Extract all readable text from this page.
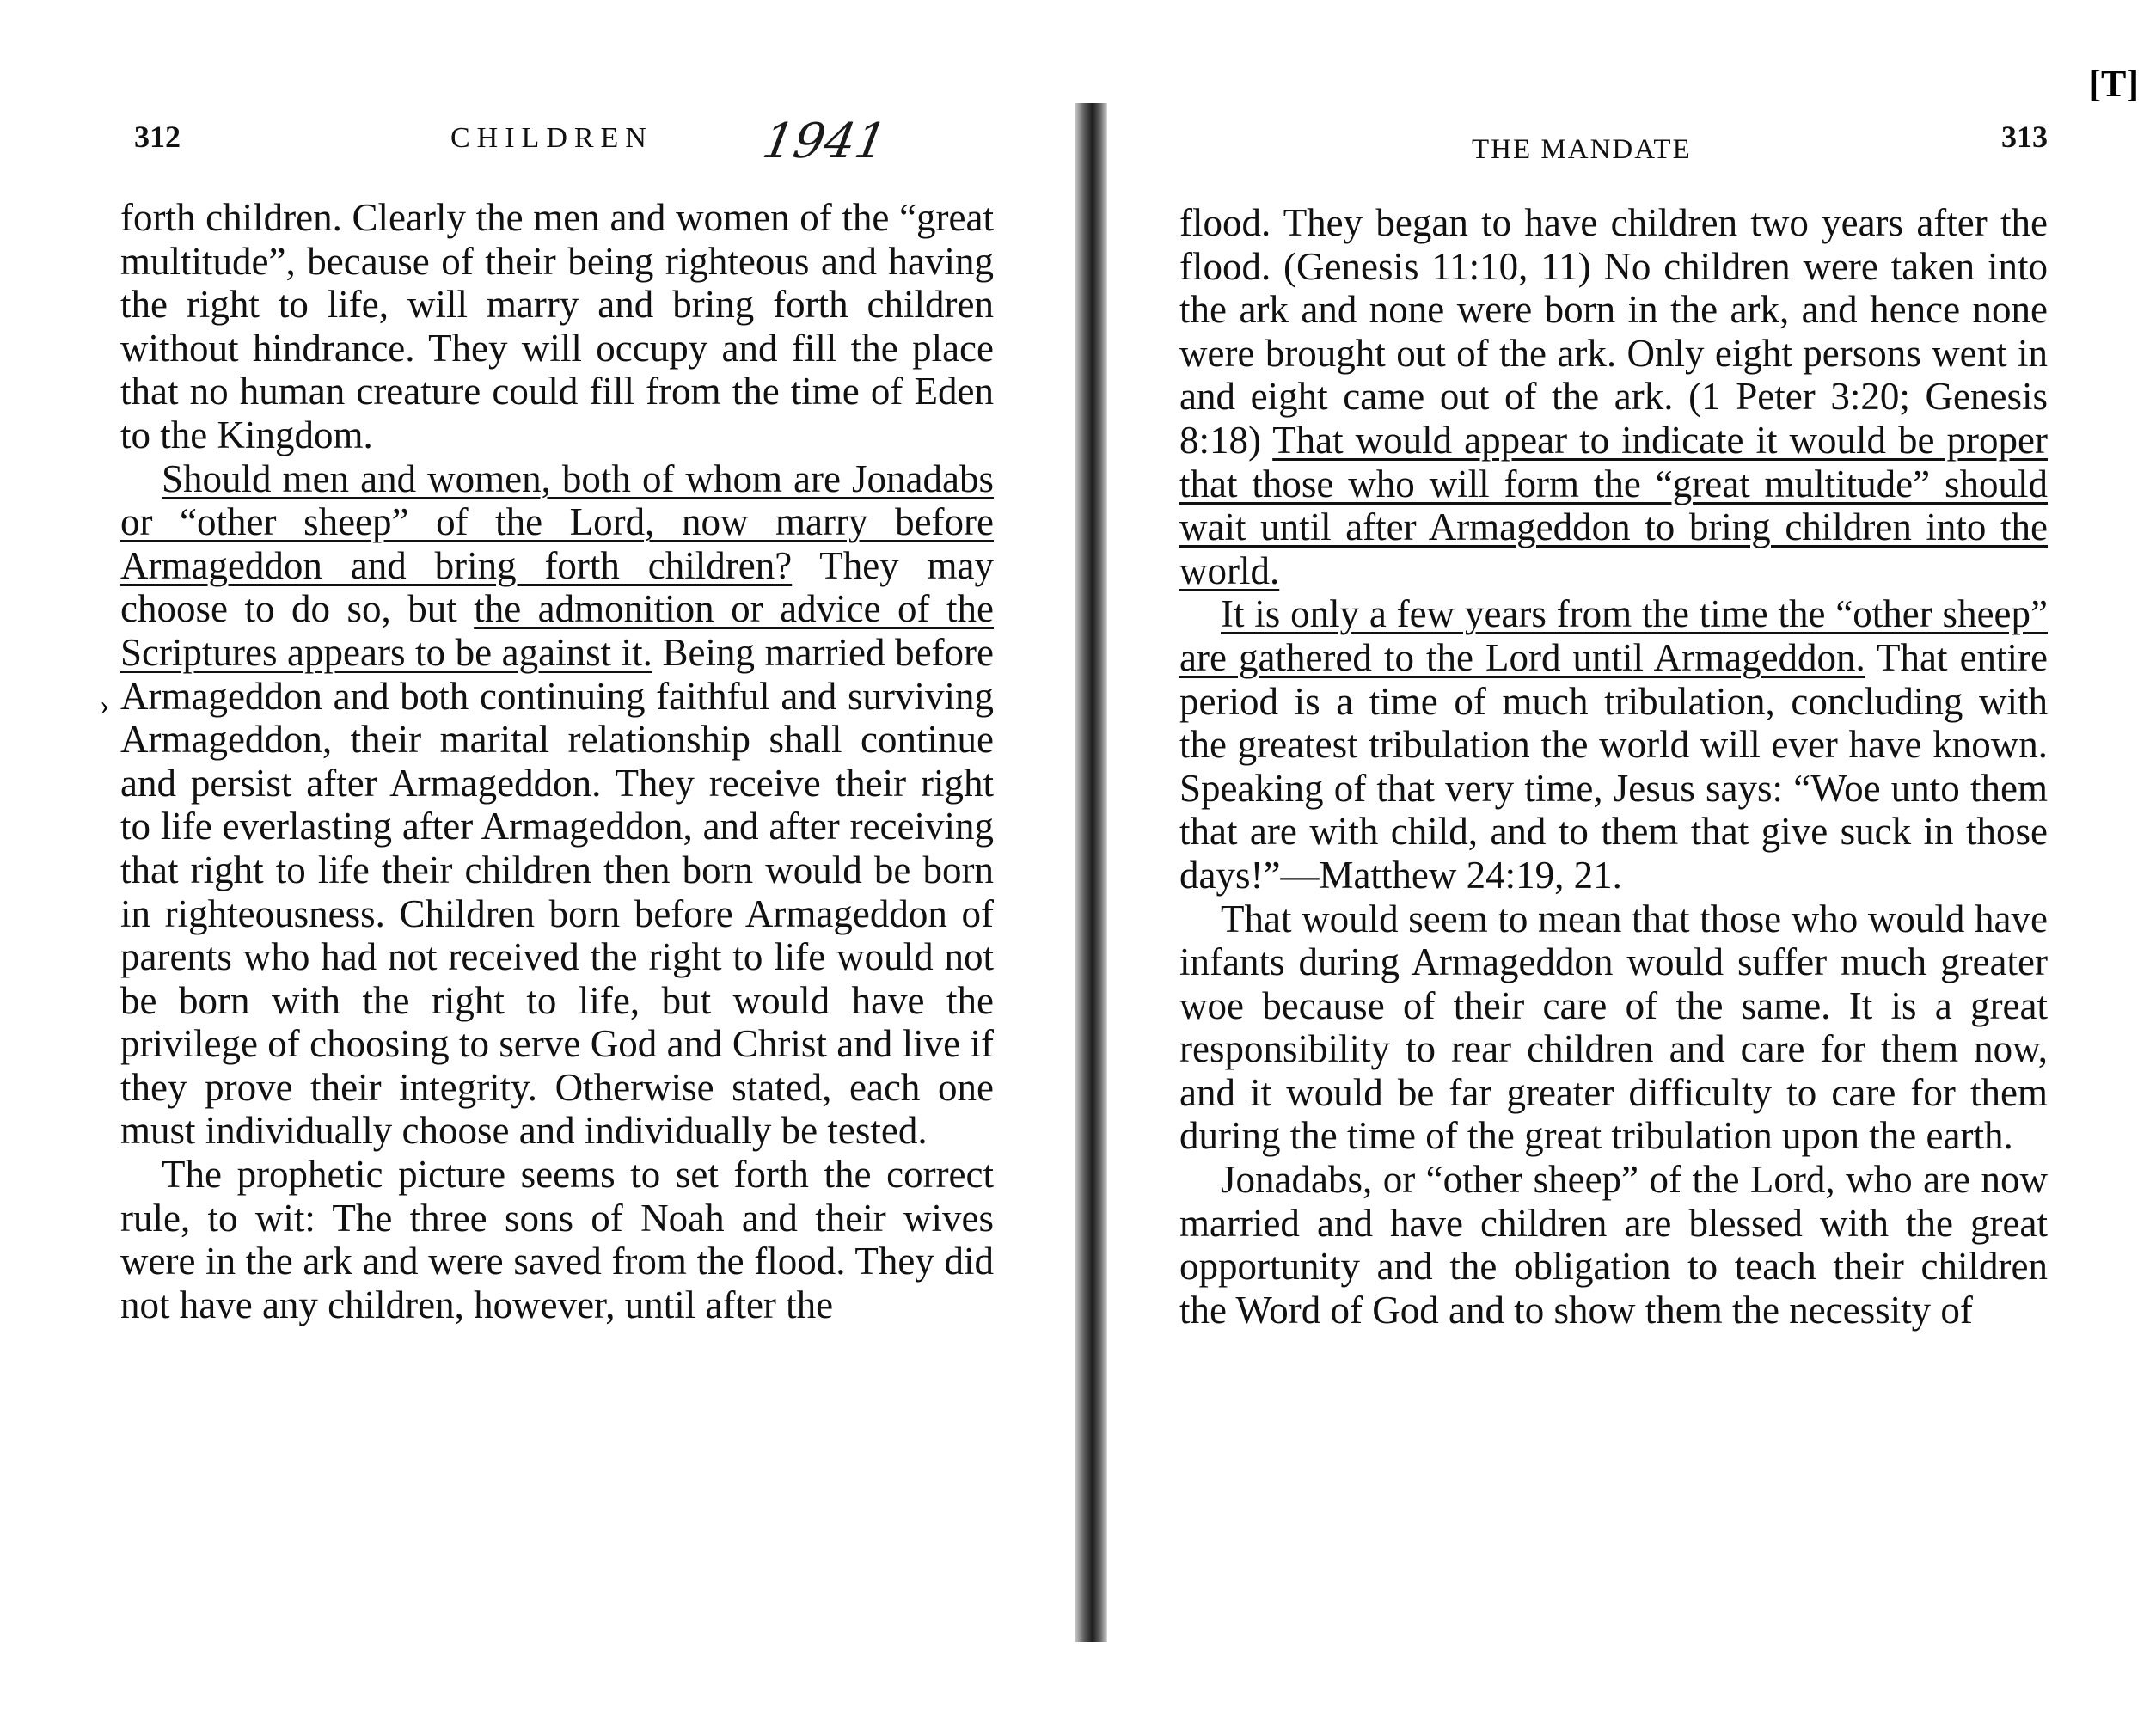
[T]
›
312	CHILDREN 1941

forth children. Clearly the men and women of the “great multitude”, because of their being righteous and having the right to life, will marry and bring forth children without hindrance. They will occupy and fill the place that no human creature could fill from the time of Eden to the Kingdom.

Should men and women, both of whom are Jonadabs or “other sheep” of the Lord, now marry before Armageddon and bring forth children? They may choose to do so, but the admonition or advice of the Scriptures appears to be against it. Being married before Armageddon and both continuing faithful and surviving Armageddon, their marital relationship shall continue and persist after Armageddon. They receive their right to life everlasting after Armageddon, and after receiving that right to life their children then born would be born in righteousness. Children born before Armageddon of parents who had not received the right to life would not be born with the right to life, but would have the privilege of choosing to serve God and Christ and live if they prove their integrity. Otherwise stated, each one must individually choose and individually be tested.

The prophetic picture seems to set forth the correct rule, to wit: The three sons of Noah and their wives were in the ark and were saved from the flood. They did not have any children, however, until after the

THE MANDATE	313

flood. They began to have children two years after the flood. (Genesis 11:10, 11) No children were taken into the ark and none were born in the ark, and hence none were brought out of the ark. Only eight persons went in and eight came out of the ark. (1 Peter 3:20; Genesis 8:18) That would appear to indicate it would be proper that those who will form the “great multitude” should wait until after Armageddon to bring children into the world.

It is only a few years from the time the “other sheep” are gathered to the Lord until Armageddon. That entire period is a time of much tribulation, concluding with the greatest tribulation the world will ever have known. Speaking of that very time, Jesus says: “Woe unto them that are with child, and to them that give suck in those days!”—Matthew 24:19, 21.

That would seem to mean that those who would have infants during Armageddon would suffer much greater woe because of their care of the same. It is a great responsibility to rear children and care for them now, and it would be far greater difficulty to care for them during the time of the great tribulation upon the earth.

Jonadabs, or “other sheep” of the Lord, who are now married and have children are blessed with the great opportunity and the obligation to teach their children the Word of God and to show them the necessity of
